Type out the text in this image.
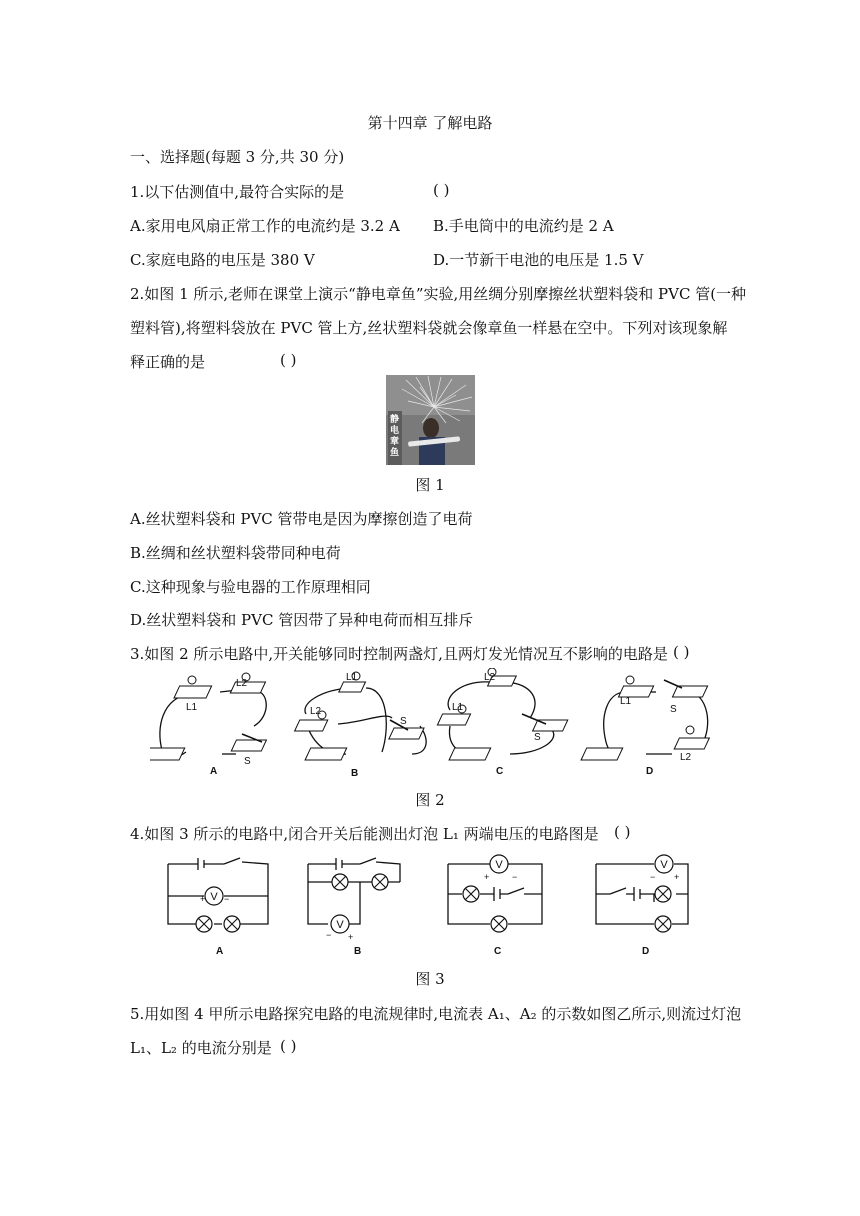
第十四章 了解电路
一、选择题(每题 3 分,共 30 分)
1.以下估测值中,最符合实际的是	( )
A.家用电风扇正常工作的电流约是 3.2 A B.手电筒中的电流约是 2 A
C.家庭电路的电压是 380 V	D.一节新干电池的电压是 1.5 V
2.如图 1 所示,老师在课堂上演示“静电章鱼”实验,用丝绸分别摩擦丝状塑料袋和 PVC 管(一种
塑料管),将塑料袋放在 PVC 管上方,丝状塑料袋就会像章鱼一样悬在空中。下列对该现象解
释正确的是	( )
静电章鱼
图 1
A.丝状塑料袋和 PVC 管带电是因为摩擦创造了电荷
B.丝绸和丝状塑料袋带同种电荷
C.这种现象与验电器的工作原理相同
D.丝状塑料袋和 PVC 管因带了异种电荷而相互排斥
3.如图 2 所示电路中,开关能够同时控制两盏灯,且两灯发光情况互不影响的电路是 ( )
L1
L2
S
L1
L2
S
L2
L1
S
L1
S
L2
A	B	C	D
图 2
4.如图 3 所示的电路中,闭合开关后能测出灯泡 L₁ 两端电压的电路图是 ( )
V
V
V	V
+ −
− +
+	−	− +
A	B	C	D
图 3
5.用如图 4 甲所示电路探究电路的电流规律时,电流表 A₁、A₂ 的示数如图乙所示,则流过灯泡
L₁、L₂ 的电流分别是 ( )
